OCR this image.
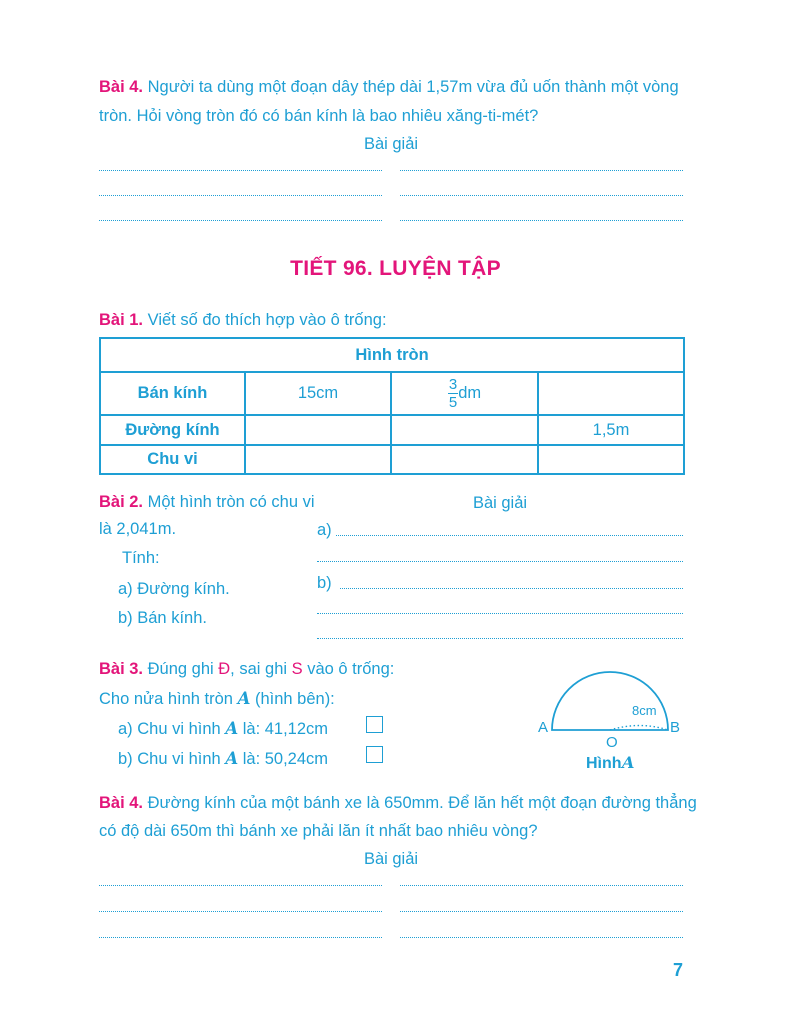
Bài 4. Người ta dùng một đoạn dây thép dài 1,57m vừa đủ uốn thành một vòng
tròn. Hỏi vòng tròn đó có bán kính là bao nhiêu xăng-ti-mét?
Bài giải
TIẾT 96. LUYỆN TẬP
Bài 1. Viết số đo thích hợp vào ô trống:
Hình tròn			
Bán kính	15cm	$\frac{3}{5}$ dm	
Đường kính			1,5m
Chu vi			
Bài 2. Một hình tròn có chu vi
là 2,041m.
Tính:
a) Đường kính.
b) Bán kính.
Bài giải
a)
b)
Bài 3. Đúng ghi Đ, sai ghi S vào ô trống:
Cho nửa hình tròn A (hình bên):
a) Chu vi hình A là: 41,12cm
b) Chu vi hình A là: 50,24cm
A	B
O
8cm
Hình A
Bài 4. Đường kính của một bánh xe là 650mm. Để lăn hết một đoạn đường thẳng
có độ dài 650m thì bánh xe phải lăn ít nhất bao nhiêu vòng?
Bài giải
7
